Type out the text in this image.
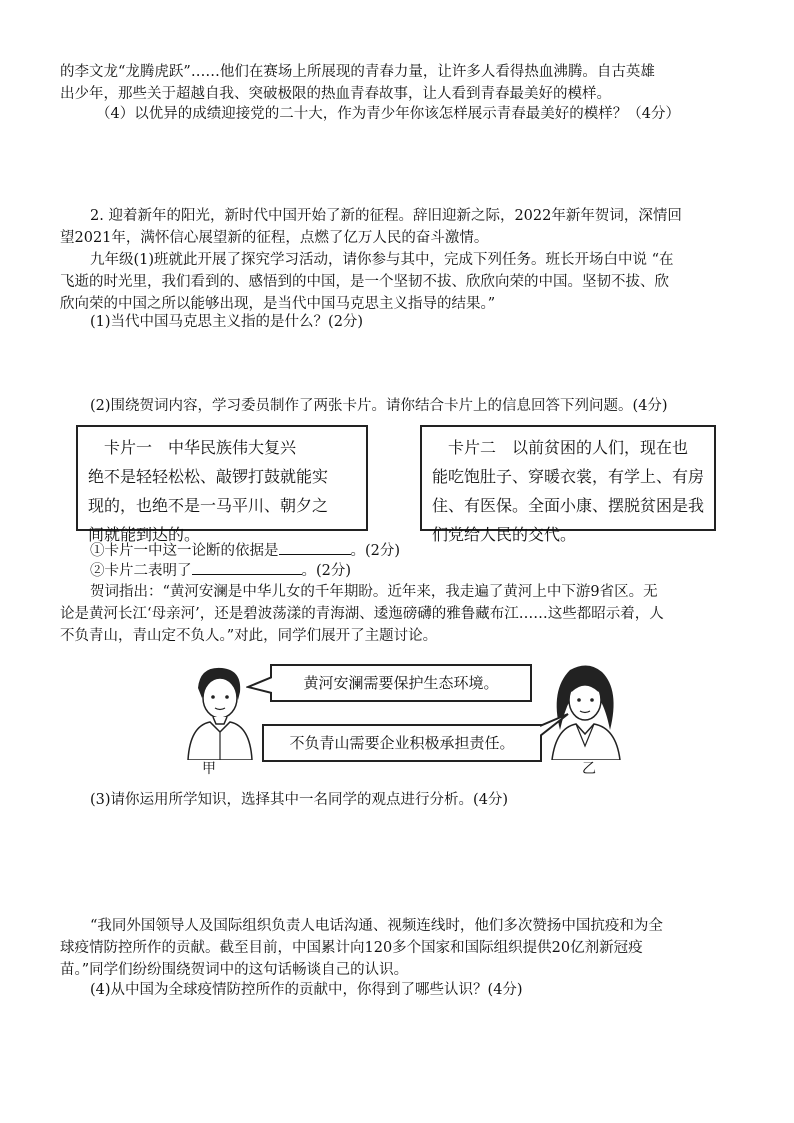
的李文龙“龙腾虎跃”……他们在赛场上所展现的青春力量，让许多人看得热血沸腾。自古英雄
出少年，那些关于超越自我、突破极限的热血青春故事，让人看到青春最美好的模样。
（4）以优异的成绩迎接党的二十大，作为青少年你该怎样展示青春最美好的模样？（4分）
2. 迎着新年的阳光，新时代中国开始了新的征程。辞旧迎新之际，2022年新年贺词，深情回
望2021年，满怀信心展望新的征程，点燃了亿万人民的奋斗激情。
九年级(1)班就此开展了探究学习活动，请你参与其中，完成下列任务。班长开场白中说 “在
飞逝的时光里，我们看到的、感悟到的中国，是一个坚韧不拔、欣欣向荣的中国。坚韧不拔、欣
欣向荣的中国之所以能够出现，是当代中国马克思主义指导的结果。”
(1)当代中国马克思主义指的是什么？(2分)
(2)围绕贺词内容，学习委员制作了两张卡片。请你结合卡片上的信息回答下列问题。(4分)
　卡片一　中华民族伟大复兴
绝不是轻轻松松、敲锣打鼓就能实
现的，也绝不是一马平川、朝夕之
间就能到达的。
　卡片二　以前贫困的人们，现在也
能吃饱肚子、穿暖衣裳，有学上、有房
住、有医保。全面小康、摆脱贫困是我
们党给人民的交代。
①卡片一中这一论断的依据是	。(2分)
②卡片二表明了	。(2分)
贺词指出：“黄河安澜是中华儿女的千年期盼。近年来，我走遍了黄河上中下游9省区。无
论是黄河长江‘母亲河’，还是碧波荡漾的青海湖、逶迤磅礴的雅鲁藏布江……这些都昭示着，人
不负青山，青山定不负人。”对此，同学们展开了主题讨论。
甲	乙
黄河安澜需要保护生态环境。
不负青山需要企业积极承担责任。
(3)请你运用所学知识，选择其中一名同学的观点进行分析。(4分)
“我同外国领导人及国际组织负责人电话沟通、视频连线时，他们多次赞扬中国抗疫和为全
球疫情防控所作的贡献。截至目前，中国累计向120多个国家和国际组织提供20亿剂新冠疫
苗。”同学们纷纷围绕贺词中的这句话畅谈自己的认识。
(4)从中国为全球疫情防控所作的贡献中，你得到了哪些认识？(4分)
